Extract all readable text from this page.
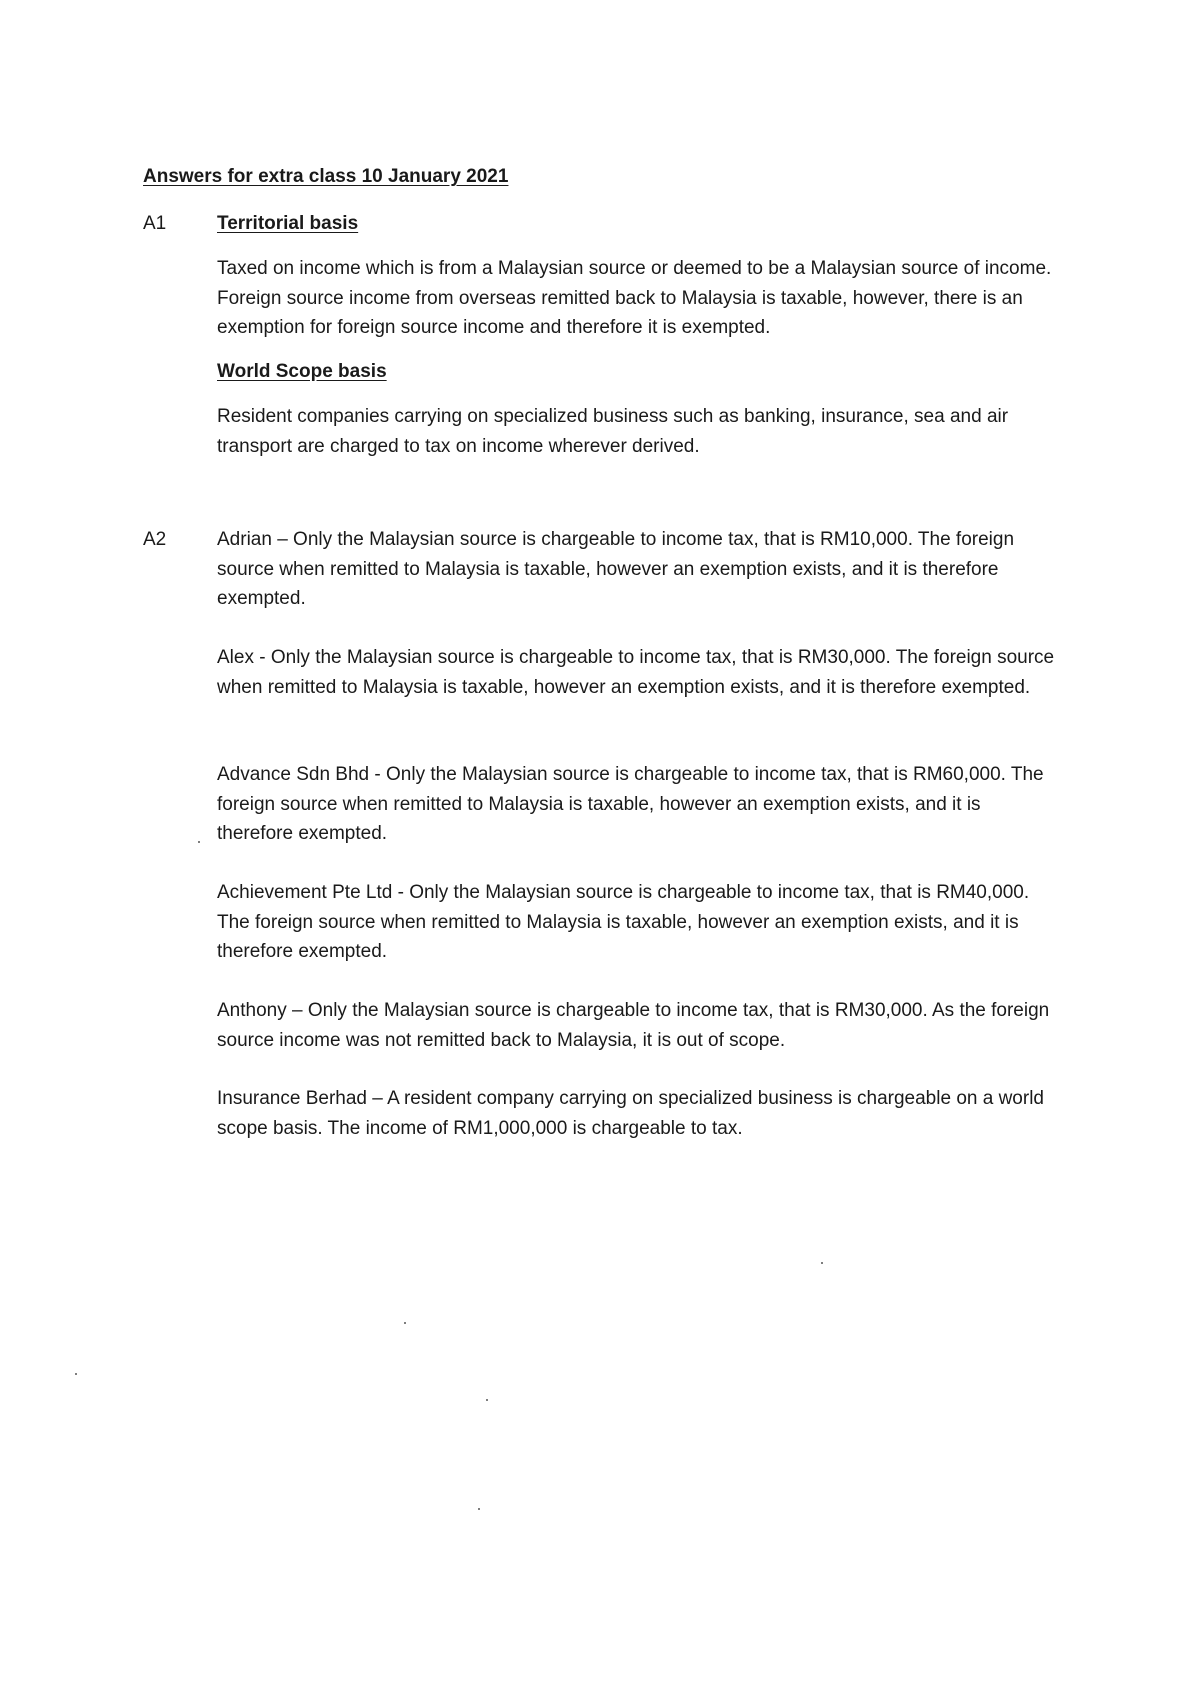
Answers for extra class 10 January 2021

A1	Territorial basis

Taxed on income which is from a Malaysian source or deemed to be a Malaysian source of income. Foreign source income from overseas remitted back to Malaysia is taxable, however, there is an exemption for foreign source income and therefore it is exempted.

World Scope basis

Resident companies carrying on specialized business such as banking, insurance, sea and air transport are charged to tax on income wherever derived.

A2	Adrian – Only the Malaysian source is chargeable to income tax, that is RM10,000. The foreign source when remitted to Malaysia is taxable, however an exemption exists, and it is therefore exempted.

Alex - Only the Malaysian source is chargeable to income tax, that is RM30,000. The foreign source when remitted to Malaysia is taxable, however an exemption exists, and it is therefore exempted.

Advance Sdn Bhd - Only the Malaysian source is chargeable to income tax, that is RM60,000. The foreign source when remitted to Malaysia is taxable, however an exemption exists, and it is therefore exempted.

Achievement Pte Ltd - Only the Malaysian source is chargeable to income tax, that is RM40,000. The foreign source when remitted to Malaysia is taxable, however an exemption exists, and it is therefore exempted.

Anthony – Only the Malaysian source is chargeable to income tax, that is RM30,000. As the foreign source income was not remitted back to Malaysia, it is out of scope.

Insurance Berhad – A resident company carrying on specialized business is chargeable on a world scope basis. The income of RM1,000,000 is chargeable to tax.
